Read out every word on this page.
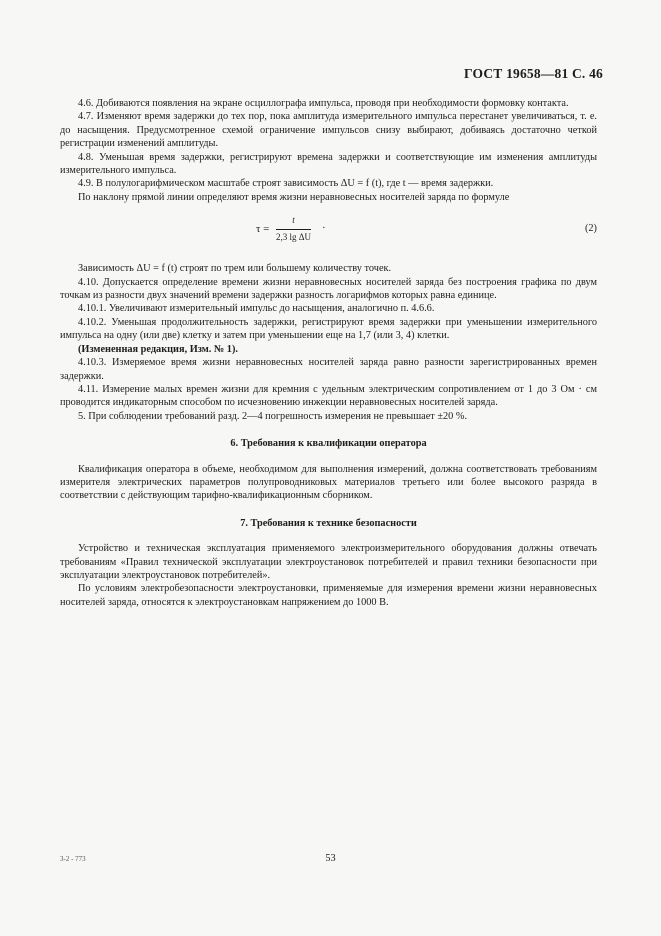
ГОСТ 19658—81 С. 46

4.6. Добиваются появления на экране осциллографа импульса, проводя при необходимости формовку контакта.

4.7. Изменяют время задержки до тех пор, пока амплитуда измерительного импульса перестанет увеличиваться, т. е. до насыщения. Предусмотренное схемой ограничение импульсов снизу выбирают, добиваясь достаточно четкой регистрации изменений амплитуды.

4.8. Уменьшая время задержки, регистрируют времена задержки и соответствующие им изменения амплитуды измерительного импульса.

4.9. В полулогарифмическом масштабе строят зависимость ΔU = f (t), где t — время задержки.

По наклону прямой линии определяют время жизни неравновесных носителей заряда по формуле

$\tau = \frac{t}{\text{2,3 lg ΔU}}$ ·	(2)

Зависимость ΔU = f (t) строят по трем или большему количеству точек.

4.10. Допускается определение времени жизни неравновесных носителей заряда без построения графика по двум точкам из разности двух значений времени задержки разность логарифмов которых равна единице.

4.10.1. Увеличивают измерительный импульс до насыщения, аналогично п. 4.6.6.

4.10.2. Уменьшая продолжительность задержки, регистрируют время задержки при уменьшении измерительного импульса на одну (или две) клетку и затем при уменьшении еще на 1,7 (или 3, 4) клетки.

(Измененная редакция, Изм. № 1).

4.10.3. Измеряемое время жизни неравновесных носителей заряда равно разности зарегистрированных времен задержки.

4.11. Измерение малых времен жизни для кремния с удельным электрическим сопротивлением от 1 до 3 Ом · см проводится индикаторным способом по исчезновению инжекции неравновесных носителей заряда.

5. При соблюдении требований разд. 2—4 погрешность измерения не превышает ±20 %.

6. Требования к квалификации оператора

Квалификация оператора в объеме, необходимом для выполнения измерений, должна соответствовать требованиям измерителя электрических параметров полупроводниковых материалов третьего или более высокого разряда в соответствии с действующим тарифно-квалификационным сборником.

7. Требования к технике безопасности

Устройство и техническая эксплуатация применяемого электроизмерительного оборудования должны отвечать требованиям «Правил технической эксплуатации электроустановок потребителей и правил техники безопасности при эксплуатации электроустановок потребителей».

По условиям электробезопасности электроустановки, применяемые для измерения времени жизни неравновесных носителей заряда, относятся к электроустановкам напряжением до 1000 В.

3-2 - 773	53
